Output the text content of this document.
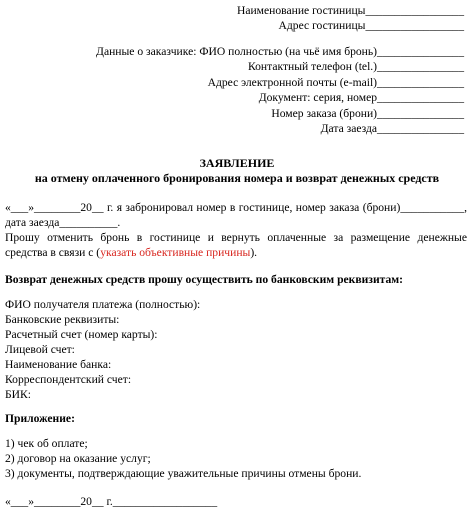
Наименование гостиницы_________________
Адрес гостиницы_________________
Данные о заказчике: ФИО полностью (на чьё имя бронь)_______________
Контактный телефон (tel.)_______________
Адрес электронной почты (e-mail)_______________
Документ: серия, номер_______________
Номер заказа (брони)_______________
Дата заезда_______________
ЗАЯВЛЕНИЕ
на отмену оплаченного бронирования номера и возврат денежных средств
«___»________20__ г. я забронировал номер в гостинице, номер заказа (брони)___________,
дата заезда__________.
Прошу отменить бронь в гостинице и вернуть оплаченные за размещение денежные
средства в связи с (указать объективные причины).
Возврат денежных средств прошу осуществить по банковским реквизитам:
ФИО получателя платежа (полностью):
Банковские реквизиты:
Расчетный счет (номер карты):
Лицевой счет:
Наименование банка:
Корреспондентский счет:
БИК:
Приложение:
1) чек об оплате;
2) договор на оказание услуг;
3) документы, подтверждающие уважительные причины отмены брони.
«___»________20__ г.__________________
